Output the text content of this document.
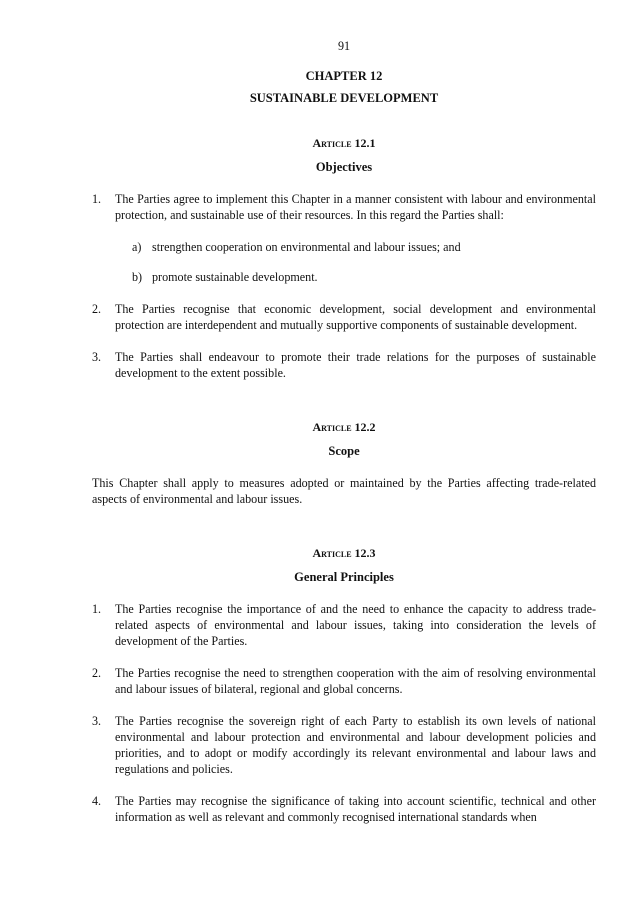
91
CHAPTER 12
SUSTAINABLE DEVELOPMENT
Article 12.1
Objectives
1.	The Parties agree to implement this Chapter in a manner consistent with labour and environmental protection, and sustainable use of their resources. In this regard the Parties shall:
a) strengthen cooperation on environmental and labour issues; and
b) promote sustainable development.
2.	The Parties recognise that economic development, social development and environmental protection are interdependent and mutually supportive components of sustainable development.
3.	The Parties shall endeavour to promote their trade relations for the purposes of sustainable development to the extent possible.
Article 12.2
Scope
This Chapter shall apply to measures adopted or maintained by the Parties affecting trade-related aspects of environmental and labour issues.
Article 12.3
General Principles
1.	The Parties recognise the importance of and the need to enhance the capacity to address trade-related aspects of environmental and labour issues, taking into consideration the levels of development of the Parties.
2.	The Parties recognise the need to strengthen cooperation with the aim of resolving environmental and labour issues of bilateral, regional and global concerns.
3.	The Parties recognise the sovereign right of each Party to establish its own levels of national environmental and labour protection and environmental and labour development policies and priorities, and to adopt or modify accordingly its relevant environmental and labour laws and regulations and policies.
4.	The Parties may recognise the significance of taking into account scientific, technical and other information as well as relevant and commonly recognised international standards when
